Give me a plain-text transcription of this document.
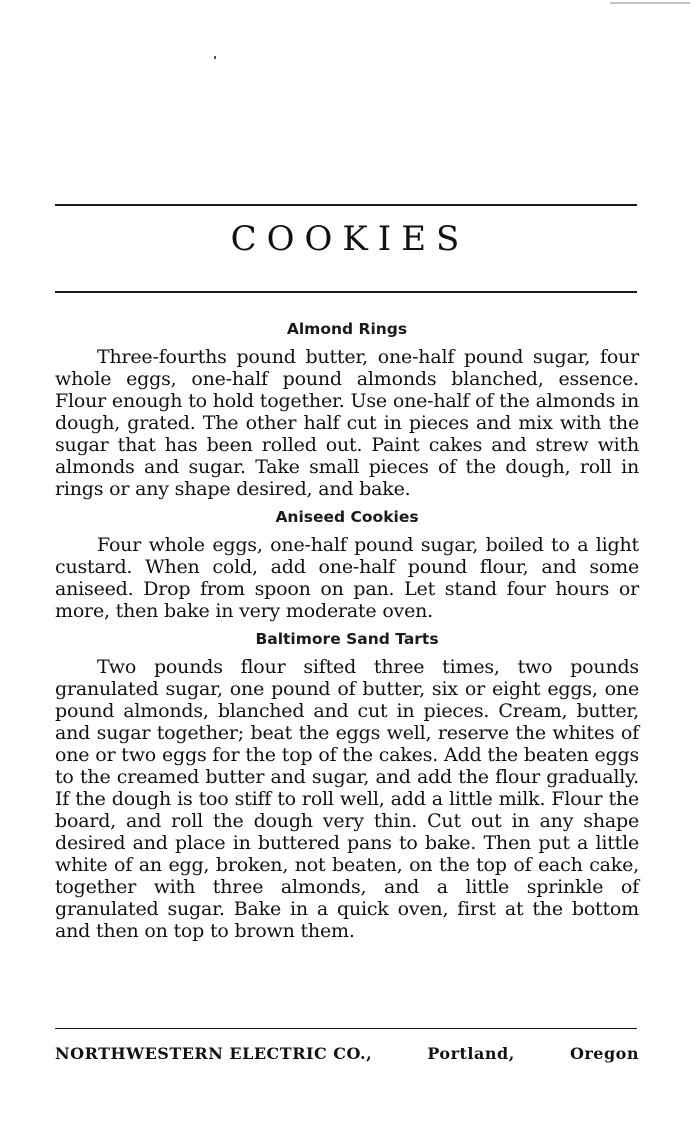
COOKIES
Almond Rings

Three-fourths pound butter, one-half pound sugar, four whole eggs, one-half pound almonds blanched, essence. Flour enough to hold together. Use one-half of the almonds in dough, grated. The other half cut in pieces and mix with the sugar that has been rolled out. Paint cakes and strew with almonds and sugar. Take small pieces of the dough, roll in rings or any shape desired, and bake.

Aniseed Cookies

Four whole eggs, one-half pound sugar, boiled to a light custard. When cold, add one-half pound flour, and some aniseed. Drop from spoon on pan. Let stand four hours or more, then bake in very moderate oven.

Baltimore Sand Tarts

Two pounds flour sifted three times, two pounds granulated sugar, one pound of butter, six or eight eggs, one pound almonds, blanched and cut in pieces. Cream, butter, and sugar together; beat the eggs well, reserve the whites of one or two eggs for the top of the cakes. Add the beaten eggs to the creamed butter and sugar, and add the flour gradually. If the dough is too stiff to roll well, add a little milk. Flour the board, and roll the dough very thin. Cut out in any shape desired and place in buttered pans to bake. Then put a little white of an egg, broken, not beaten, on the top of each cake, together with three almonds, and a little sprinkle of granulated sugar. Bake in a quick oven, first at the bottom and then on top to brown them.

NORTHWESTERN ELECTRIC CO.,	Portland,	Oregon
